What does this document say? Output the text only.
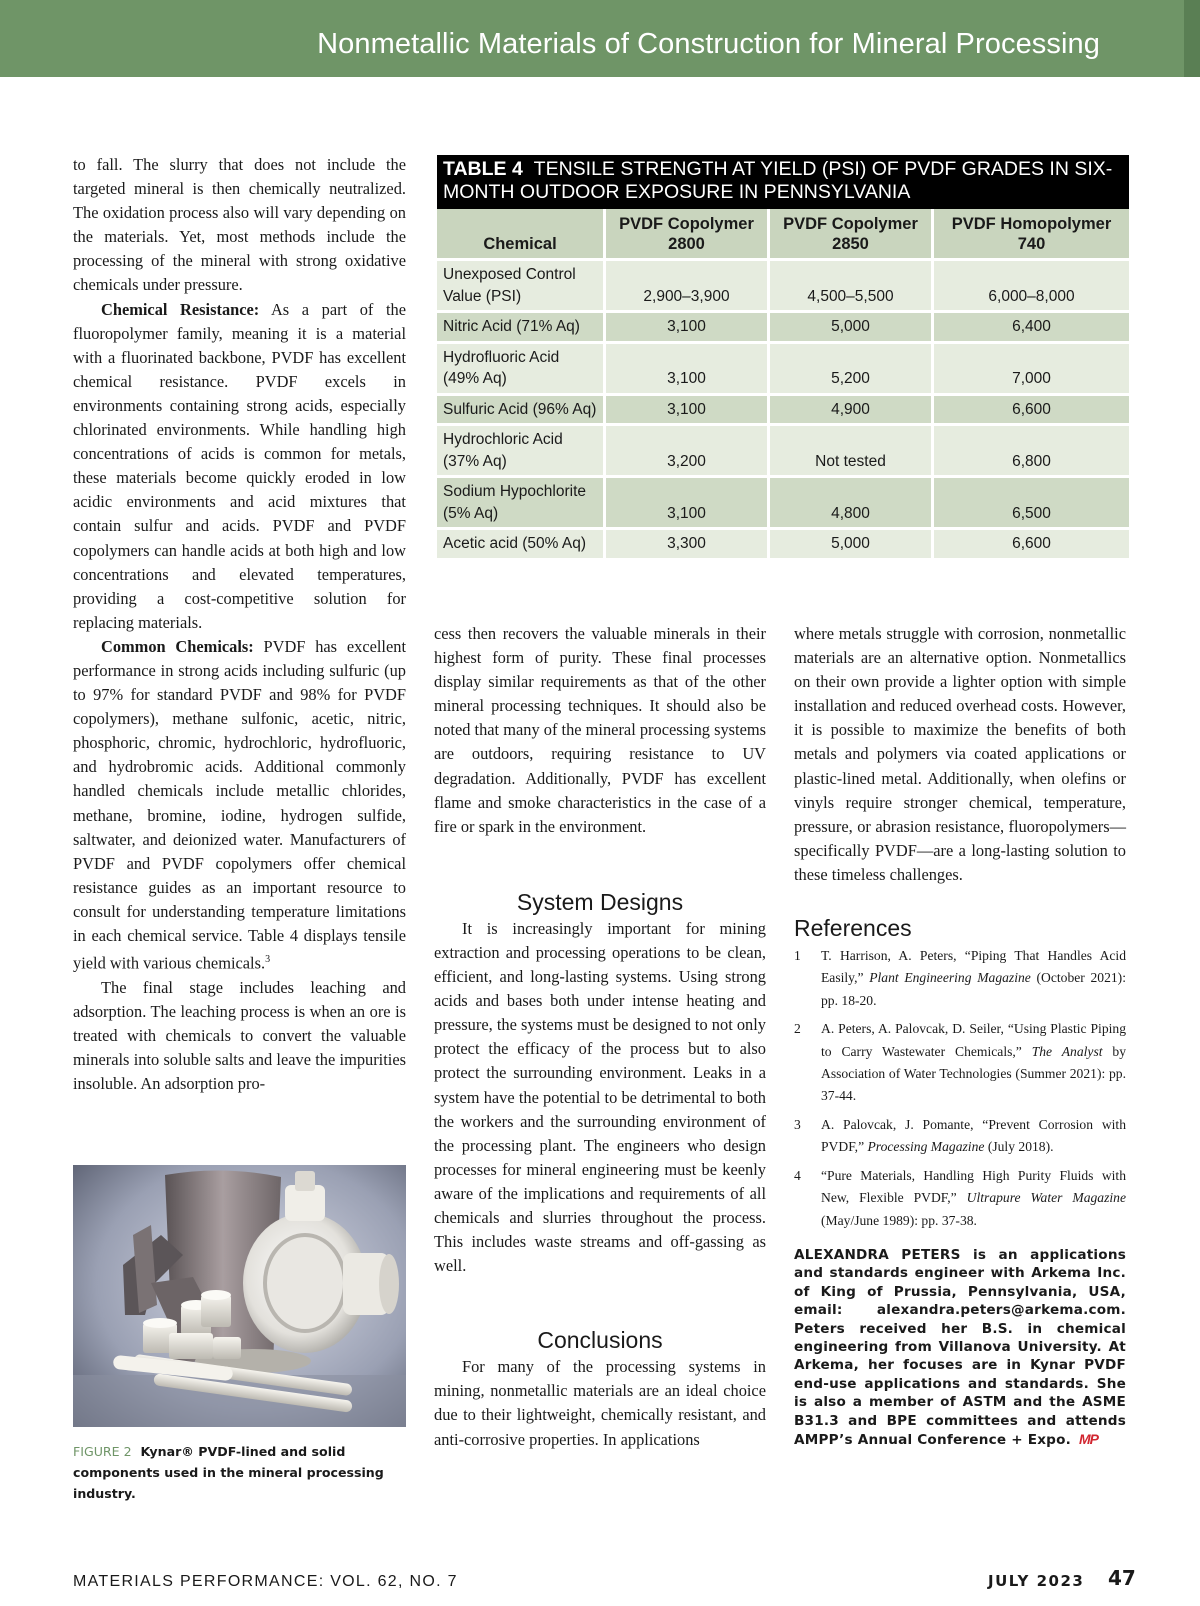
Nonmetallic Materials of Construction for Mineral Processing

to fall. The slurry that does not include the targeted mineral is then chemically neutralized. The oxidation process also will vary depending on the materials. Yet, most methods include the processing of the mineral with strong oxidative chemicals under pressure.

Chemical Resistance: As a part of the fluoropolymer family, meaning it is a material with a fluorinated backbone, PVDF has excellent chemical resistance. PVDF excels in environments containing strong acids, especially chlorinated environments. While handling high concentrations of acids is common for metals, these materials become quickly eroded in low acidic environments and acid mixtures that contain sulfur and acids. PVDF and PVDF copolymers can handle acids at both high and low concentrations and elevated temperatures, providing a cost-competitive solution for replacing materials.

Common Chemicals: PVDF has excellent performance in strong acids including sulfuric (up to 97% for standard PVDF and 98% for PVDF copolymers), methane sulfonic, acetic, nitric, phosphoric, chromic, hydrochloric, hydrofluoric, and hydrobromic acids. Additional commonly handled chemicals include metallic chlorides, methane, bromine, iodine, hydrogen sulfide, saltwater, and deionized water. Manufacturers of PVDF and PVDF copolymers offer chemical resistance guides as an important resource to consult for understanding temperature limitations in each chemical service. Table 4 displays tensile yield with various chemicals.$^3$

The final stage includes leaching and adsorption. The leaching process is when an ore is treated with chemicals to convert the valuable minerals into soluble salts and leave the impurities insoluble. An adsorption pro-

TABLE 4 TENSILE STRENGTH AT YIELD (PSI) OF PVDF GRADES IN SIX-MONTH OUTDOOR EXPOSURE IN PENNSYLVANIA
Chemical	PVDF Copolymer 2800	PVDF Copolymer 2850	PVDF Homopolymer 740
Unexposed Control Value (PSI)	2,900–3,900	4,500–5,500	6,000–8,000
Nitric Acid (71% Aq)	3,100	5,000	6,400
Hydrofluoric Acid (49% Aq)	3,100	5,200	7,000
Sulfuric Acid (96% Aq)	3,100	4,900	6,600
Hydrochloric Acid (37% Aq)	3,200	Not tested	6,800
Sodium Hypochlorite (5% Aq)	3,100	4,800	6,500
Acetic acid (50% Aq)	3,300	5,000	6,600

cess then recovers the valuable minerals in their highest form of purity. These final processes display similar requirements as that of the other mineral processing techniques. It should also be noted that many of the mineral processing systems are outdoors, requiring resistance to UV degradation. Additionally, PVDF has excellent flame and smoke characteristics in the case of a fire or spark in the environment.

System Designs

It is increasingly important for mining extraction and processing operations to be clean, efficient, and long-lasting systems. Using strong acids and bases both under intense heating and pressure, the systems must be designed to not only protect the efficacy of the process but to also protect the surrounding environment. Leaks in a system have the potential to be detrimental to both the workers and the surrounding environment of the processing plant. The engineers who design processes for mineral engineering must be keenly aware of the implications and requirements of all chemicals and slurries throughout the process. This includes waste streams and off-gassing as well.

Conclusions

For many of the processing systems in mining, nonmetallic materials are an ideal choice due to their lightweight, chemically resistant, and anti-corrosive properties. In applications

where metals struggle with corrosion, nonmetallic materials are an alternative option. Nonmetallics on their own provide a lighter option with simple installation and reduced overhead costs. However, it is possible to maximize the benefits of both metals and polymers via coated applications or plastic-lined metal. Additionally, when olefins or vinyls require stronger chemical, temperature, pressure, or abrasion resistance, fluoropolymers—specifically PVDF—are a long-lasting solution to these timeless challenges.

References
1 T. Harrison, A. Peters, “Piping That Handles Acid Easily,” Plant Engineering Magazine (October 2021): pp. 18-20.
2 A. Peters, A. Palovcak, D. Seiler, “Using Plastic Piping to Carry Wastewater Chemicals,” The Analyst by Association of Water Technologies (Summer 2021): pp. 37-44.
3 A. Palovcak, J. Pomante, “Prevent Corrosion with PVDF,” Processing Magazine (July 2018).
4 “Pure Materials, Handling High Purity Fluids with New, Flexible PVDF,” Ultrapure Water Magazine (May/June 1989): pp. 37-38.
ALEXANDRA PETERS is an applications and standards engineer with Arkema Inc. of King of Prussia, Pennsylvania, USA, email: alexandra.peters@arkema.com. Peters received her B.S. in chemical engineering from Villanova University. At Arkema, her focuses are in Kynar PVDF end-use applications and standards. She is also a member of ASTM and the ASME B31.3 and BPE committees and attends AMPP’s Annual Conference + Expo. MP
FIGURE 2 Kynar® PVDF-lined and solid components used in the mineral processing industry.
MATERIALS PERFORMANCE: VOL. 62, NO. 7	JULY 2023 47
